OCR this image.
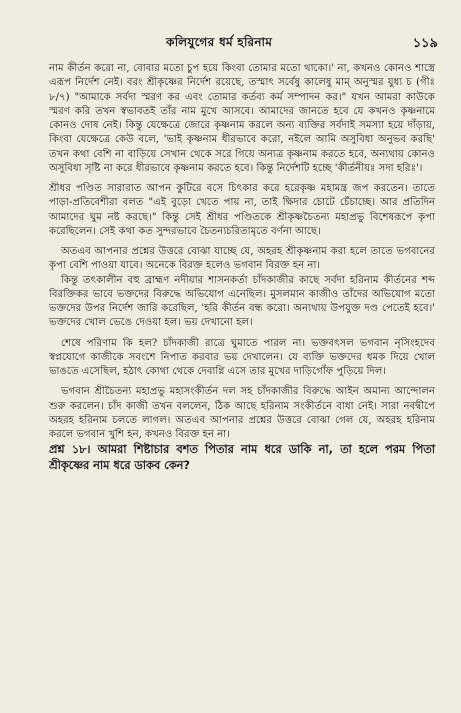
কলিযুগের ধর্ম হরিনাম	১১৯

নাম কীর্তন করো না, বোবার মতো চুপ হয়ে কিংবা তোমার মতো থাকো।' না, কখনও কোনও শাস্ত্রে এরূপ নির্দেশ নেই। বরং শ্রীকৃষ্ণের নির্দেশ রয়েছে, তস্মাৎ সর্বেষু কালেষু মাম্ অনুস্মর যুধ্য চ (গীঃ ৮/৭) "আমাকে সর্বদা স্মরণ কর এবং তোমার কর্তব্য কর্ম সম্পাদন কর।" যখন আমরা কাউকে স্মরণ করি তখন স্বভাবতই তাঁর নাম মুখে আসবে। আমাদের জানতে হবে যে কখনও কৃষ্ণনামে কোনও দোষ নেই। কিন্তু যেক্ষেত্রে জোরে কৃষ্ণনাম করলে অন্য ব্যক্তির সর্বদাই সমস্যা হয়ে দাঁড়ায়, কিংবা যেক্ষেত্রে কেউ বলে, 'ভাই কৃষ্ণনাম ধীরভাবে করো, নইলে আমি অসুবিধা অনুভব করছি' তখন কথা বেশি না বাড়িয়ে সেখান থেকে সরে গিয়ে অন্যত্র কৃষ্ণনাম করতে হবে, অন্যথায় কোনও অসুবিধা সৃষ্টি না করে ধীরভাবে কৃষ্ণনাম করতে হবে। কিন্তু নির্দেশটি হচ্ছে 'কীর্তনীয়ঃ সদা হরিঃ'।

শ্রীধর পণ্ডিত সারারাত আপন কুটিরে বসে চিৎকার করে হরেকৃষ্ণ মহামন্ত্র জপ করতেন। তাতে পাড়া-প্রতিবেশীরা বলত "এই বুড়ো খেতে পায় না, তাই ক্ষিদার চোটে চেঁচাচ্ছে। আর প্রতিদিন আমাদের ঘুম নষ্ট করছে।" কিন্তু সেই শ্রীধর পণ্ডিতকে শ্রীকৃষ্ণচৈতন্য মহাপ্রভু বিশেষরূপে কৃপা করেছিলেন। সেই কথা কত সুন্দরভাবে চৈতন্যচরিতামৃতে বর্ণনা আছে।

অতএব আপনার প্রশ্নের উত্তরে বোঝা যাচ্ছে যে, অহরহ শ্রীকৃষ্ণনাম করা হলে তাতে ভগবানের কৃপা বেশি পাওয়া যাবে। অনেকে বিরক্ত হলেও ভগবান বিরক্ত হন না।

কিন্তু তৎকালীন বহু ব্রাহ্মণ নদীয়ার শাসনকর্তা চাঁদকাজীর কাছে সর্বদা হরিনাম কীর্তনের শব্দ বিরক্তিকর ভাবে ভক্তদের বিরুদ্ধে অভিযোগ এনেছিল। মুসলমান কাজীও তাঁদের অভিযোগ মতো ভক্তদের উপর নির্দেশ জারি করেছিল, 'হরি কীর্তন বন্ধ করো। অন্যথায় উপযুক্ত দণ্ড পেতেই হবে।' ভক্তদের খোল ভেঙে দেওয়া হল। ভয় দেখানো হল।

শেষে পরিণাম কি হল? চাঁদকাজী রাত্রে ঘুমাতে পারল না। ভক্তবৎসল ভগবান নৃসিংহদেব স্বপ্নযোগে কাজীকে সবংশে নিপাত করবার ভয় দেখালেন। যে ব্যক্তি ভক্তদের ধমক দিয়ে খোল ভাঙতে এসেছিল, হঠাৎ কোথা থেকে দেবাগ্নি এসে তার মুখের দাড়িগোঁফ পুড়িয়ে দিল।

ভগবান শ্রীচৈতন্য মহাপ্রভু মহাসংকীর্তন দল সহ চাঁদকাজীর বিরুদ্ধে আইন অমান্য আন্দোলন শুরু করলেন। চাঁদ কাজী তখন বললেন, ঠিক আছে হরিনাম সংকীর্তনে বাধা নেই। সারা নবদ্বীপে অহরহ হরিনাম চলতে লাগল। অতএব আপনার প্রশ্নের উত্তরে বোঝা গেল যে, অহরহ হরিনাম করলে ভগবান খুশি হন, কখনও বিরক্ত হন না।

প্রশ্ন ১৮। আমরা শিষ্টাচার বশত পিতার নাম ধরে ডাকি না, তা হলে পরম পিতা শ্রীকৃষ্ণের নাম ধরে ডাকব কেন?
